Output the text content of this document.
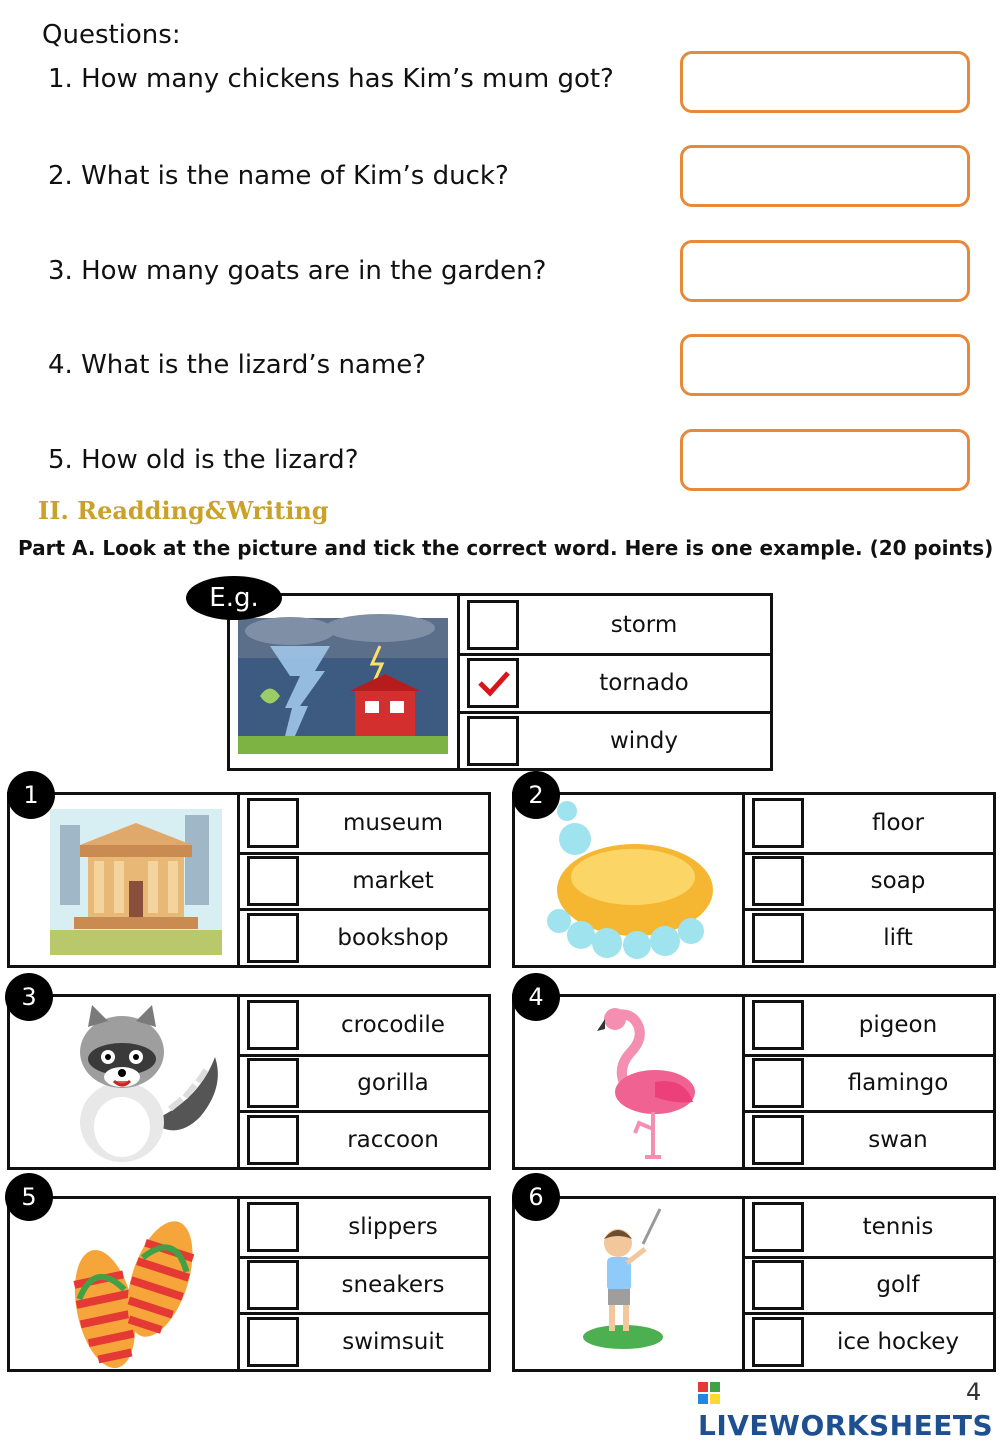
Questions:
1. How many chickens has Kim’s mum got?
2. What is the name of Kim’s duck?
3. How many goats are in the garden?
4. What is the lizard’s name?
5. How old is the lizard?
II. Readding&Writing
Part A. Look at the picture and tick the correct word. Here is one example. (20 points)
E.g.
storm
tornado
windy
1
museum
market
bookshop
2
floor
soap
lift
3
crocodile
gorilla
raccoon
4
pigeon
flamingo
swan
5
slippers
sneakers
swimsuit
6
tennis
golf
ice hockey
LIVEWORKSHEETS
4
